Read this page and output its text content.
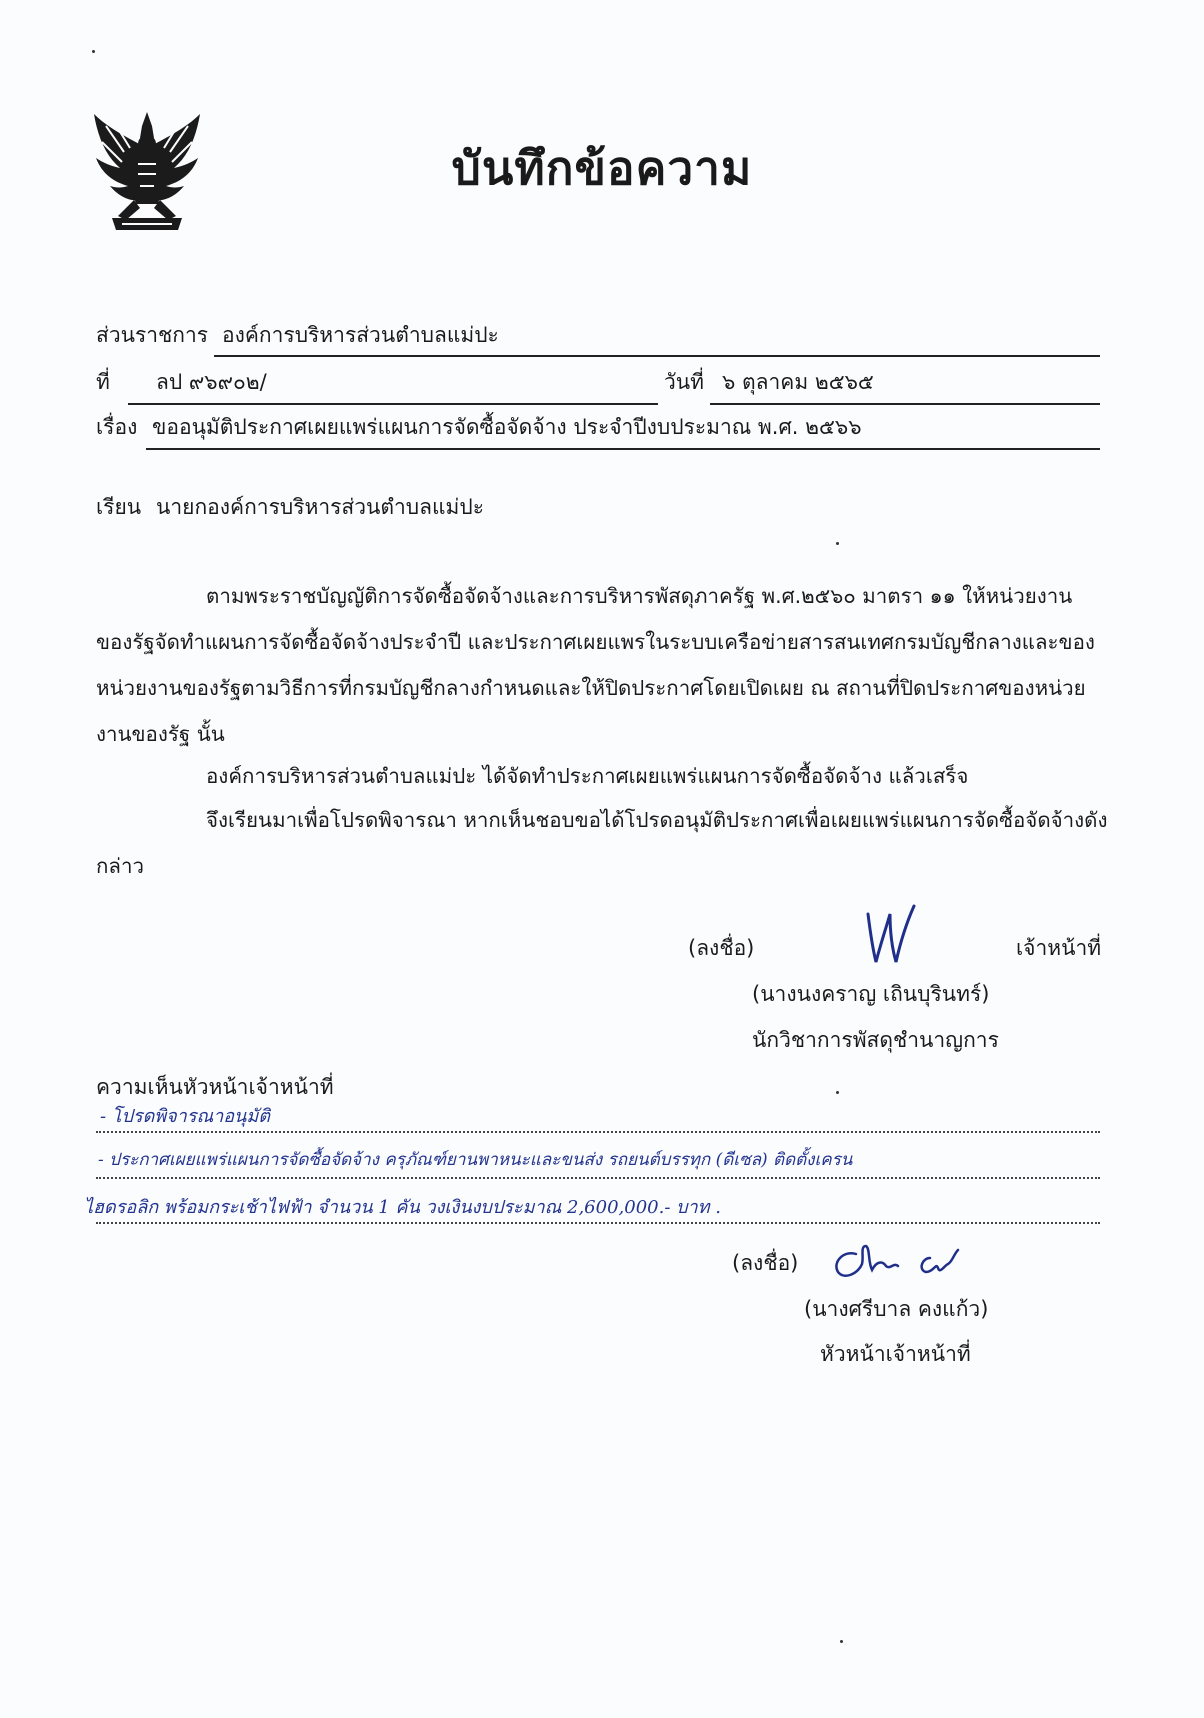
บันทึกข้อความ
ส่วนราชการ องค์การบริหารส่วนตำบลแม่ปะ
ที่ ลป ๙๖๙๐๒/	วันที่ ๖ ตุลาคม ๒๕๖๕
เรื่อง ขออนุมัติประกาศเผยแพร่แผนการจัดซื้อจัดจ้าง ประจำปีงบประมาณ พ.ศ. ๒๕๖๖
เรียน นายกองค์การบริหารส่วนตำบลแม่ปะ
ตามพระราชบัญญัติการจัดซื้อจัดจ้างและการบริหารพัสดุภาครัฐ พ.ศ.๒๕๖๐ มาตรา ๑๑ ให้หน่วยงาน
ของรัฐจัดทำแผนการจัดซื้อจัดจ้างประจำปี และประกาศเผยแพรในระบบเครือข่ายสารสนเทศกรมบัญชีกลางและของ
หน่วยงานของรัฐตามวิธีการที่กรมบัญชีกลางกำหนดและให้ปิดประกาศโดยเปิดเผย ณ สถานที่ปิดประกาศของหน่วย
งานของรัฐ นั้น
องค์การบริหารส่วนตำบลแม่ปะ ได้จัดทำประกาศเผยแพร่แผนการจัดซื้อจัดจ้าง แล้วเสร็จ
จึงเรียนมาเพื่อโปรดพิจารณา หากเห็นชอบขอได้โปรดอนุมัติประกาศเพื่อเผยแพร่แผนการจัดซื้อจัดจ้างดัง
กล่าว
(ลงชื่อ)	เจ้าหน้าที่
(นางนงคราญ เถินบุรินทร์)
นักวิชาการพัสดุชำนาญการ
ความเห็นหัวหน้าเจ้าหน้าที่
- โปรดพิจารณาอนุมัติ
- ประกาศเผยแพร่แผนการจัดซื้อจัดจ้าง ครุภัณฑ์ยานพาหนะและขนส่ง รถยนต์บรรทุก (ดีเซล) ติดตั้งเครน
ไฮดรอลิก พร้อมกระเช้าไฟฟ้า จำนวน 1 คัน วงเงินงบประมาณ 2,600,000.- บาท .
(ลงชื่อ)
(นางศรีบาล คงแก้ว)
หัวหน้าเจ้าหน้าที่
